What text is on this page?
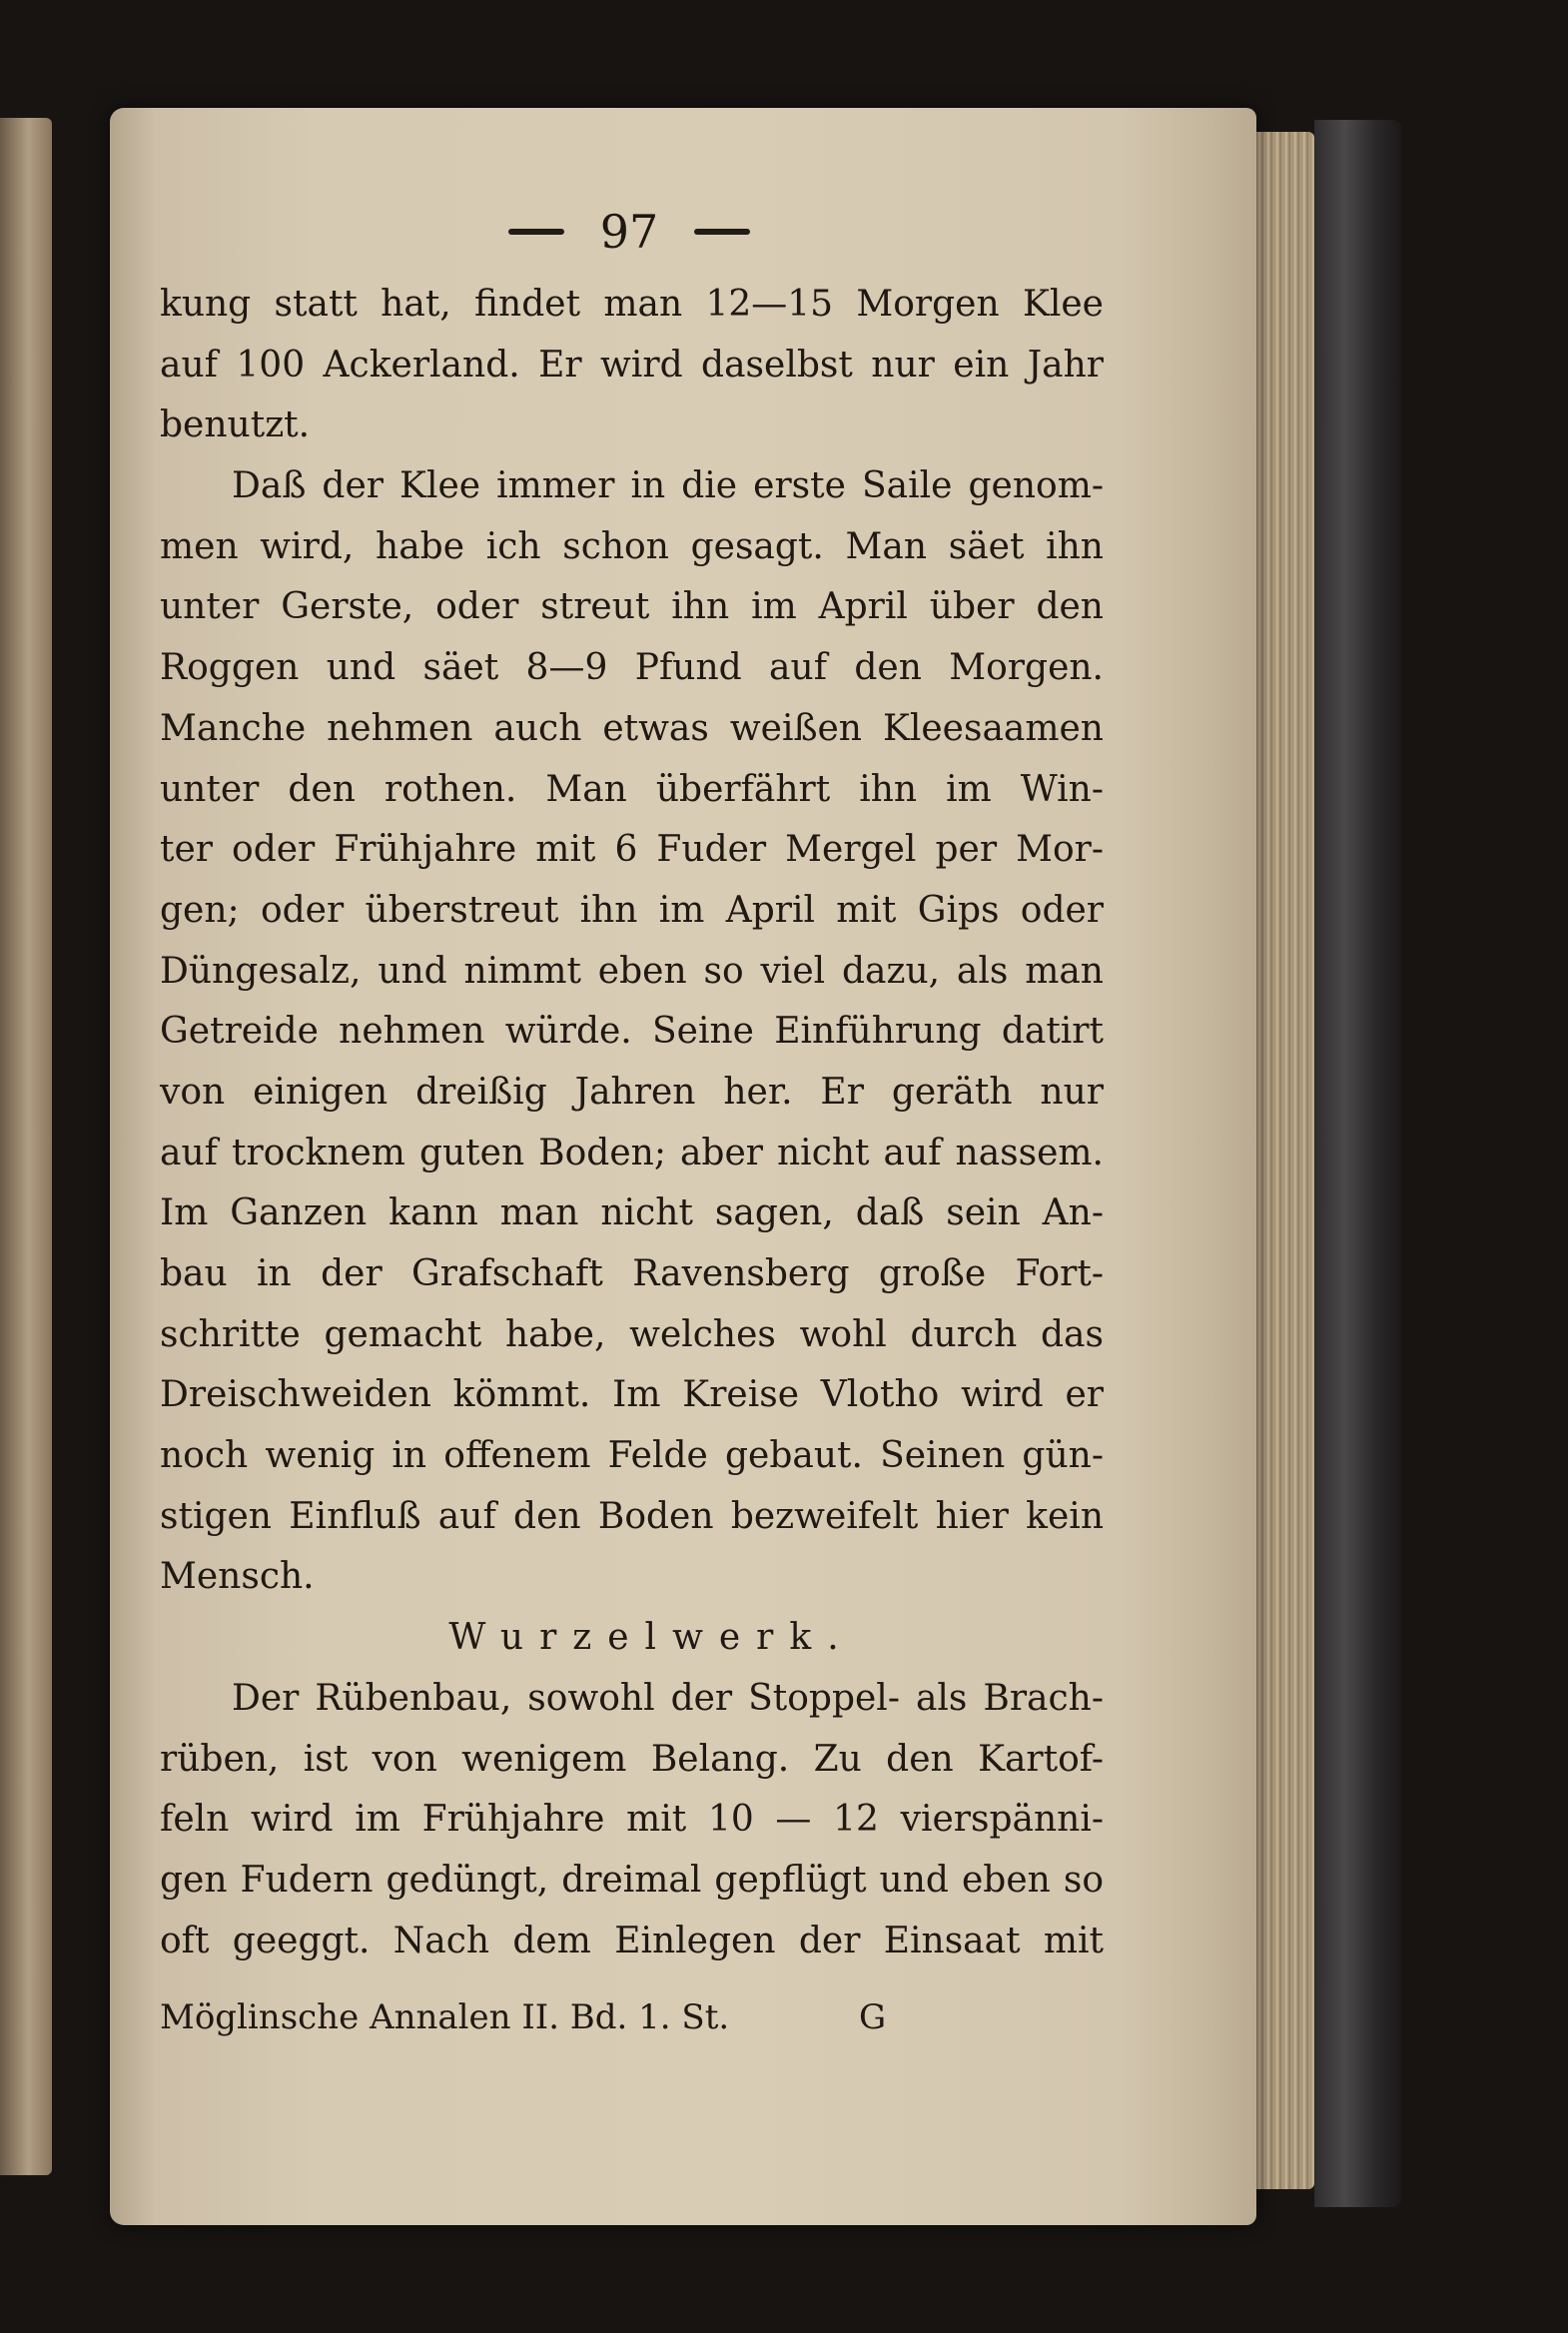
97
kung statt hat, findet man 12—15 Morgen Klee
auf 100 Ackerland. Er wird daselbst nur ein Jahr
benutzt.
Daß der Klee immer in die erste Saile genom-
men wird, habe ich schon gesagt. Man säet ihn
unter Gerste, oder streut ihn im April über den
Roggen und säet 8—9 Pfund auf den Morgen.
Manche nehmen auch etwas weißen Kleesaamen
unter den rothen. Man überfährt ihn im Win-
ter oder Frühjahre mit 6 Fuder Mergel per Mor-
gen; oder überstreut ihn im April mit Gips oder
Düngesalz, und nimmt eben so viel dazu, als man
Getreide nehmen würde. Seine Einführung datirt
von einigen dreißig Jahren her. Er geräth nur
auf trocknem guten Boden; aber nicht auf nassem.
Im Ganzen kann man nicht sagen, daß sein An-
bau in der Grafschaft Ravensberg große Fort-
schritte gemacht habe, welches wohl durch das
Dreischweiden kömmt. Im Kreise Vlotho wird er
noch wenig in offenem Felde gebaut. Seinen gün-
stigen Einfluß auf den Boden bezweifelt hier kein
Mensch.
Wurzelwerk.
Der Rübenbau, sowohl der Stoppel- als Brach-
rüben, ist von wenigem Belang. Zu den Kartof-
feln wird im Frühjahre mit 10 — 12 vierspänni-
gen Fudern gedüngt, dreimal gepflügt und eben so
oft geeggt. Nach dem Einlegen der Einsaat mit
Möglinsche Annalen II. Bd. 1. St.	G
